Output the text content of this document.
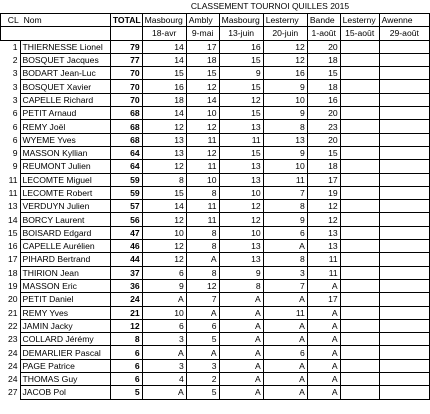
CLASSEMENT TOURNOI QUILLES 2015
CL Nom		TOTAL	Masbourg	Ambly	Masbourg	Lesterny	Bande	Lesterny	Awenne
			18-avr	9-mai	13-juin	20-juin	1-août	15-août	29-août
1	THIERNESSE Lionel	79	14	17	16	12	20		
2	BOSQUET Jacques	77	14	18	15	12	18		
3	BODART Jean-Luc	70	15	15	9	16	15		
3	BOSQUET Xavier	70	16	12	15	9	18		
3	CAPELLE Richard	70	18	14	12	10	16		
6	PETIT Arnaud	68	14	10	15	9	20		
6	REMY Joël	68	12	12	13	8	23		
6	WYEME Yves	68	13	11	11	13	20		
9	MASSON Kyllian	64	13	12	15	9	15		
9	REUMONT Julien	64	12	11	13	10	18		
11	LECOMTE Miguel	59	8	10	13	11	17		
11	LECOMTE Robert	59	15	8	10	7	19		
13	VERDUYN Julien	57	14	11	12	8	12		
14	BORCY Laurent	56	12	11	12	9	12		
15	BOISARD Edgard	47	10	8	10	6	13		
16	CAPELLE Aurélien	46	12	8	13	A	13		
17	PIHARD Bertrand	44	12	A	13	8	11		
18	THIRION Jean	37	6	8	9	3	11		
19	MASSON Eric	36	9	12	8	7	A		
20	PETIT Daniel	24	A	7	A	A	17		
21	REMY Yves	21	10	A	A	11	A		
22	JAMIN Jacky	12	6	6	A	A	A		
23	COLLARD Jérémy	8	3	5	A	A	A		
24	DEMARLIER Pascal	6	A	A	A	6	A		
24	PAGE Patrice	6	3	3	A	A	A		
24	THOMAS Guy	6	4	2	A	A	A		
27	JACOB Pol	5	A	5	A	A	A		
